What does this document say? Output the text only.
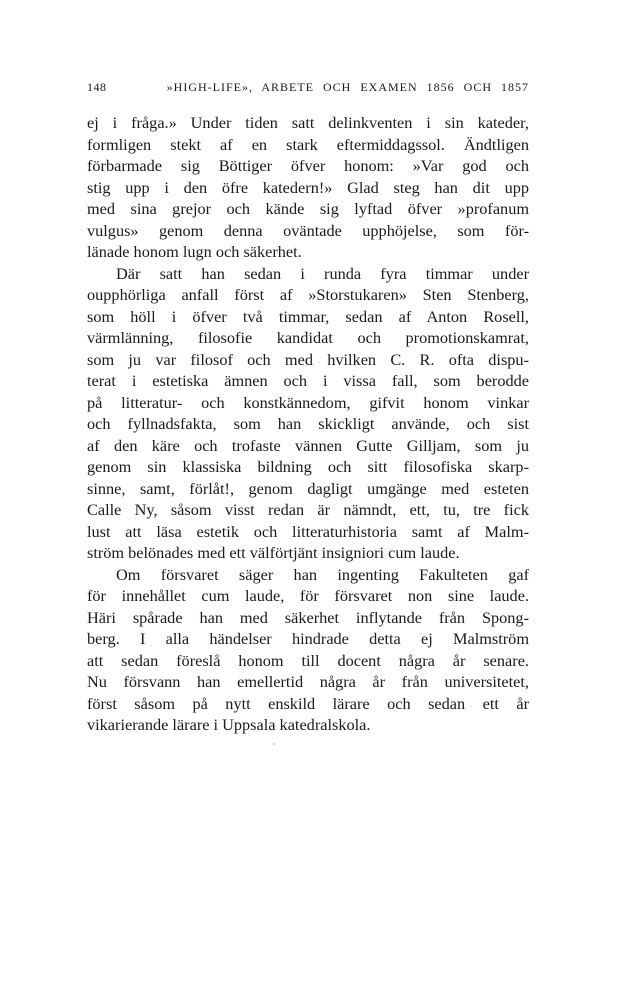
148	»HIGH-LIFE», ARBETE OCH EXAMEN 1856 OCH 1857
ej i fråga.» Under tiden satt delinkventen i sin kateder,
formligen stekt af en stark eftermiddagssol. Ändtligen
förbarmade sig Böttiger öfver honom: »Var god och
stig upp i den öfre katedern!» Glad steg han dit upp
med sina grejor och kände sig lyftad öfver »profanum
vulgus» genom denna oväntade upphöjelse, som för-
länade honom lugn och säkerhet.
Där satt han sedan i runda fyra timmar under
oupphörliga anfall först af »Storstukaren» Sten Stenberg,
som höll i öfver två timmar, sedan af Anton Rosell,
värmlänning, filosofie kandidat och promotionskamrat,
som ju var filosof och med hvilken C. R. ofta dispu-
terat i estetiska ämnen och i vissa fall, som berodde
på litteratur- och konstkännedom, gifvit honom vinkar
och fyllnadsfakta, som han skickligt använde, och sist
af den käre och trofaste vännen Gutte Gilljam, som ju
genom sin klassiska bildning och sitt filosofiska skarp-
sinne, samt, förlåt!, genom dagligt umgänge med esteten
Calle Ny, såsom visst redan är nämndt, ett, tu, tre fick
lust att läsa estetik och litteraturhistoria samt af Malm-
ström belönades med ett välförtjänt insigniori cum laude.
Om försvaret säger han ingenting Fakulteten gaf
för innehållet cum laude, för försvaret non sine laude.
Häri spårade han med säkerhet inflytande från Spong-
berg. I alla händelser hindrade detta ej Malmström
att sedan föreslå honom till docent några år senare.
Nu försvann han emellertid några år från universitetet,
först såsom på nytt enskild lärare och sedan ett år
vikarierande lärare i Uppsala katedralskola.
